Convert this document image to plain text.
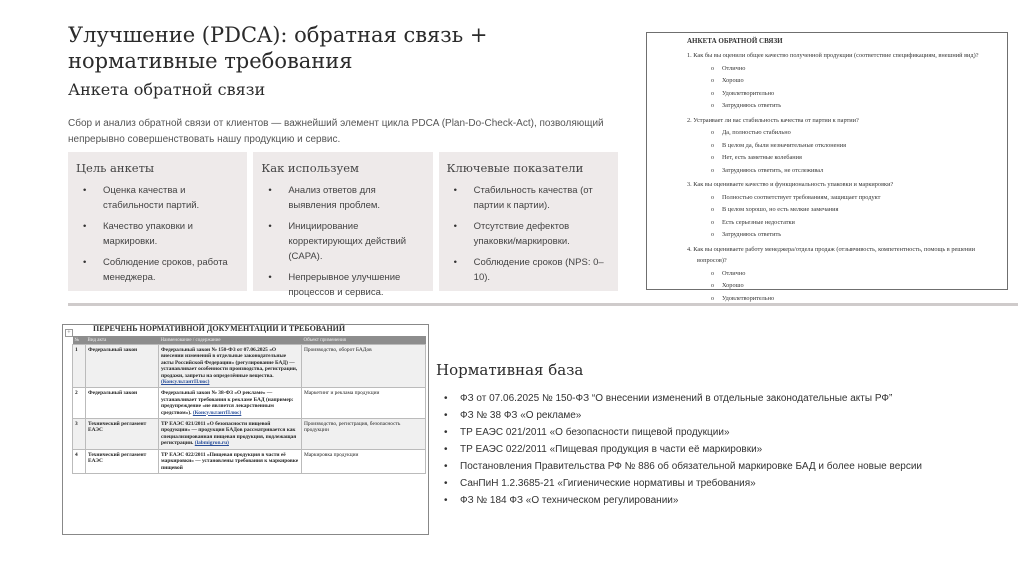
Улучшение (PDCA): обратная связь + нормативные требования
Анкета обратной связи

Сбор и анализ обратной связи от клиентов — важнейший элемент цикла PDCA (Plan-Do-Check-Act), позволяющий непрерывно совершенствовать нашу продукцию и сервис.

Цель анкеты
• Оценка качества и стабильности партий.
• Качество упаковки и маркировки.
• Соблюдение сроков, работа менеджера.
Как используем
• Анализ ответов для выявления проблем.
• Инициирование корректирующих действий (CAPA).
• Непрерывное улучшение процессов и сервиса.
Ключевые показатели
• Стабильность качества (от партии к партии).
• Отсутствие дефектов упаковки/маркировки.
• Соблюдение сроков (NPS: 0–10).
АНКЕТА ОБРАТНОЙ СВЯЗИ
1. Как бы вы оценили общее качество полученной продукции (соответствие спецификациям, внешний вид)?
o Отлично
o Хорошо
o Удовлетворительно
o Затрудняюсь ответить
2. Устраивает ли вас стабильность качества от партии к партии?
o Да, полностью стабильно
o В целом да, были незначительные отклонения
o Нет, есть заметные колебания
o Затрудняюсь ответить, не отслеживал
3. Как вы оцениваете качество и функциональность упаковки и маркировки?
o Полностью соответствует требованиям, защищает продукт
o В целом хорошо, но есть мелкие замечания
o Есть серьезные недостатки
o Затрудняюсь ответить
4. Как вы оцениваете работу менеджера/отдела продаж (отзывчивость, компетентность, помощь в решении вопросов)?
o Отлично
o Хорошо
o Удовлетворительно
+	ПЕРЕЧЕНЬ НОРМАТИВНОЙ ДОКУМЕНТАЦИИ И ТРЕБОВАНИЙ
№	Вид акта	Наименование / содержание	Объект применения
1	Федеральный закон	Федеральный закон № 150-ФЗ от 07.06.2025 «О внесении изменений в отдельные законодательные акты Российской Федерации» (регулирование БАД) — устанавливает особенности производства, регистрации, продажи, запреты на определённые вещества. (КонсультантПлюс)	Производство, оборот БАДов
2	Федеральный закон	Федеральный закон № 38-ФЗ «О рекламе» — устанавливает требования к рекламе БАД (например: предупреждение «не является лекарственным средством»). (КонсультантПлюс)	Маркетинг и реклама продукции
3	Технический регламент ЕАЭС	ТР ЕАЭС 021/2011 «О безопасности пищевой продукции» — продукция БАДов рассматривается как специализированная пищевая продукция, подлежащая регистрации. (labmigron.ru)	Производство, регистрация, безопасность продукции
4	Технический регламент ЕАЭС	ТР ЕАЭС 022/2011 «Пищевая продукция в части её маркировки» — установлены требования к маркировке пищевой	Маркировка продукции
Нормативная база
• ФЗ от 07.06.2025 № 150-ФЗ “О внесении изменений в отдельные законодательные акты РФ”
• ФЗ № 38 ФЗ «О рекламе»
• ТР ЕАЭС 021/2011 «О безопасности пищевой продукции»
• ТР ЕАЭС 022/2011 «Пищевая продукция в части её маркировки»
• Постановления Правительства РФ № 886 об обязательной маркировке БАД и более новые версии
• СанПиН 1.2.3685-21 «Гигиенические нормативы и требования»
• ФЗ № 184 ФЗ «О техническом регулировании»
